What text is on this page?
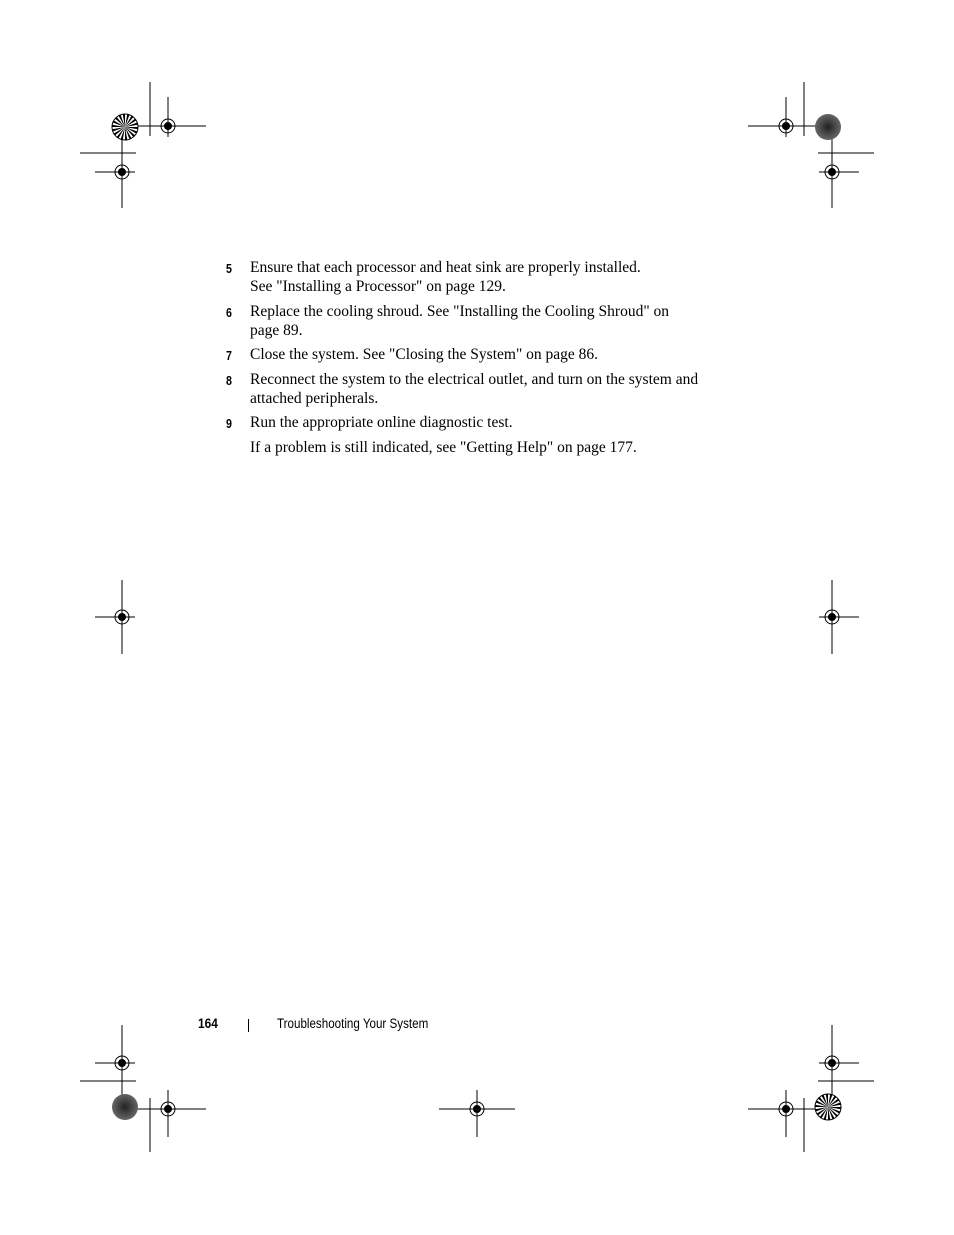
5 Ensure that each processor and heat sink are properly installed.
See "Installing a Processor" on page 129.
6 Replace the cooling shroud. See "Installing the Cooling Shroud" on
page 89.
7 Close the system. See "Closing the System" on page 86.
8 Reconnect the system to the electrical outlet, and turn on the system and
attached peripherals.
9 Run the appropriate online diagnostic test.
If a problem is still indicated, see "Getting Help" on page 177.
164	Troubleshooting Your System
